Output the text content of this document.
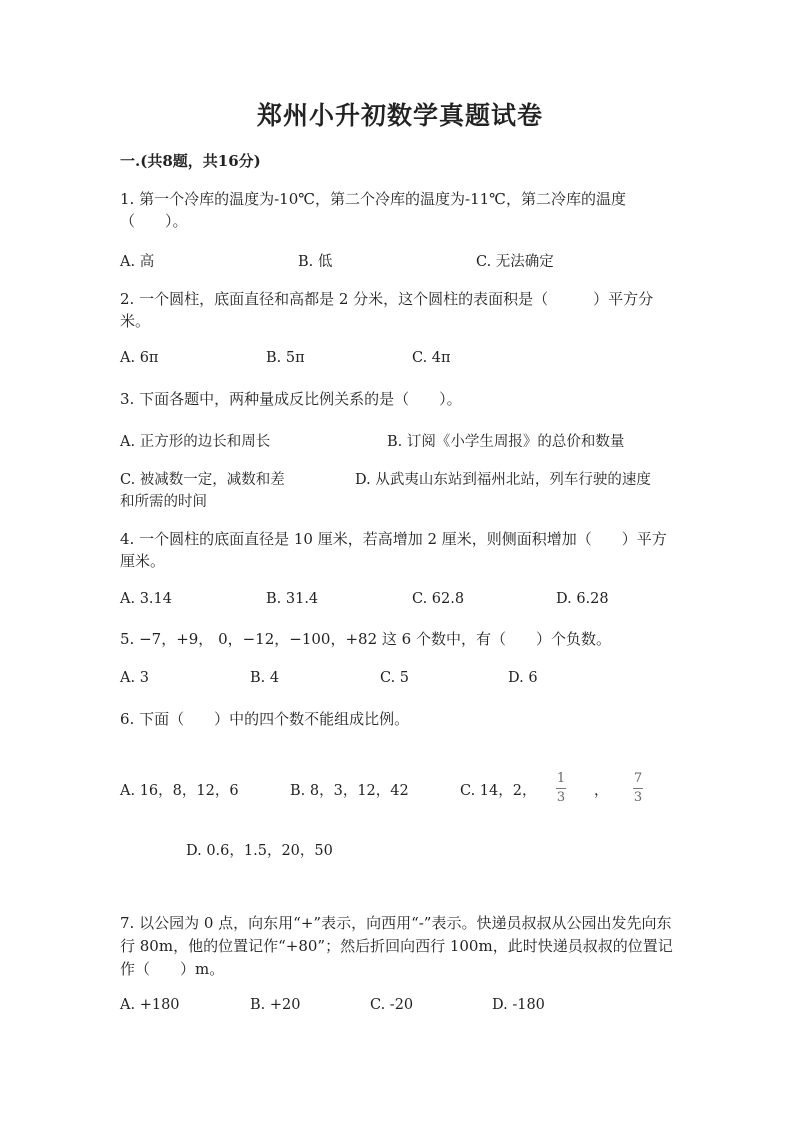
郑州小升初数学真题试卷
一.(共8题，共16分)
1. 第一个冷库的温度为-10℃，第二个冷库的温度为-11℃，第二冷库的温度（　　）。
A. 高	B. 低	C. 无法确定
2. 一个圆柱，底面直径和高都是 2 分米，这个圆柱的表面积是（　　　）平方分米。
A. 6π	B. 5π	C. 4π
3. 下面各题中，两种量成反比例关系的是（　　）。
A. 正方形的边长和周长	B. 订阅《小学生周报》的总价和数量
C. 被减数一定，减数和差	D. 从武夷山东站到福州北站，列车行驶的速度
和所需的时间
4. 一个圆柱的底面直径是 10 厘米，若高增加 2 厘米，则侧面积增加（　　）平方厘米。
A. 3.14	B. 31.4	C. 62.8	D. 6.28
5. −7，+9， 0，−12，−100，+82 这 6 个数中，有（　　）个负数。
A. 3	B. 4	C. 5	D. 6
6. 下面（　　）中的四个数不能组成比例。
A. 16，8，12，6	B. 8，3，12，42	C. 14，2，
1
3 ，
7
3
D. 0.6，1.5，20，50
7. 以公园为 0 点，向东用“+”表示，向西用“-”表示。快递员叔叔从公园出发先向东行 80m，他的位置记作“+80”；然后折回向西行 100m，此时快递员叔叔的位置记作（　　）m。
A. +180	B. +20	C. -20	D. -180
